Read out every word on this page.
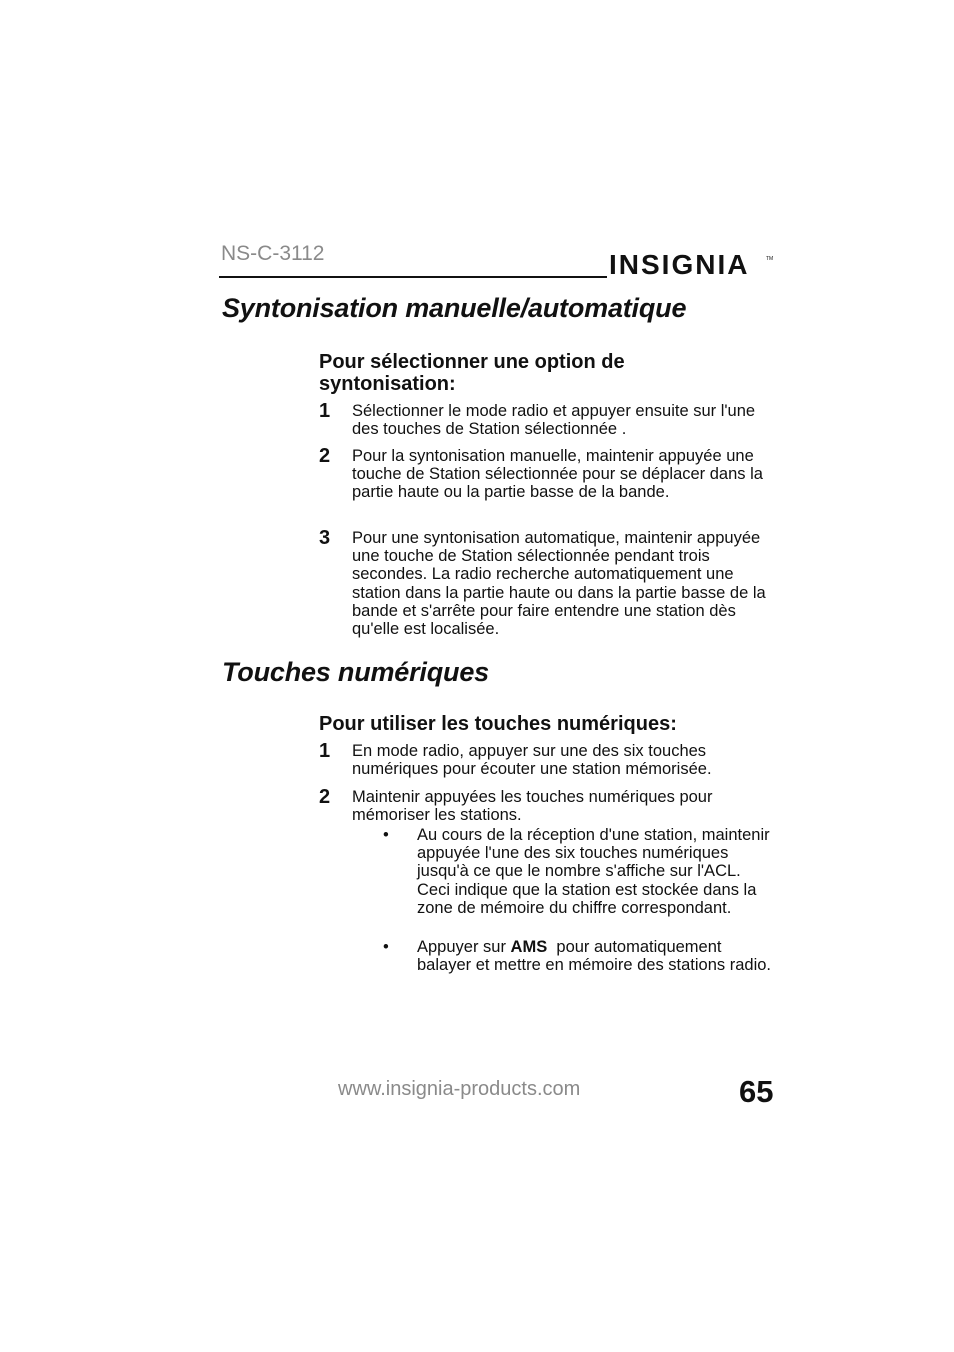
NS-C-3112	INSIGNIA	TM
Syntonisation manuelle/automatique
Pour sélectionner une option de syntonisation:
1 Sélectionner le mode radio et appuyer ensuite sur l'une des touches de Station sélectionnée .
2 Pour la syntonisation manuelle, maintenir appuyée une touche de Station sélectionnée pour se déplacer dans la partie haute ou la partie basse de la bande.
3 Pour une syntonisation automatique, maintenir appuyée une touche de Station sélectionnée pendant trois secondes. La radio recherche automatiquement une station dans la partie haute ou dans la partie basse de la bande et s'arrête pour faire entendre une station dès qu'elle est localisée.
Touches numériques
Pour utiliser les touches numériques:
1 En mode radio, appuyer sur une des six touches numériques pour écouter une station mémorisée.
2 Maintenir appuyées les touches numériques pour mémoriser les stations.
• Au cours de la réception d'une station, maintenir appuyée l'une des six touches numériques jusqu'à ce que le nombre s'affiche sur l'ACL. Ceci indique que la station est stockée dans la zone de mémoire du chiffre correspondant.
• Appuyer sur AMS  pour automatiquement balayer et mettre en mémoire des stations radio.
www.insignia-products.com	65
